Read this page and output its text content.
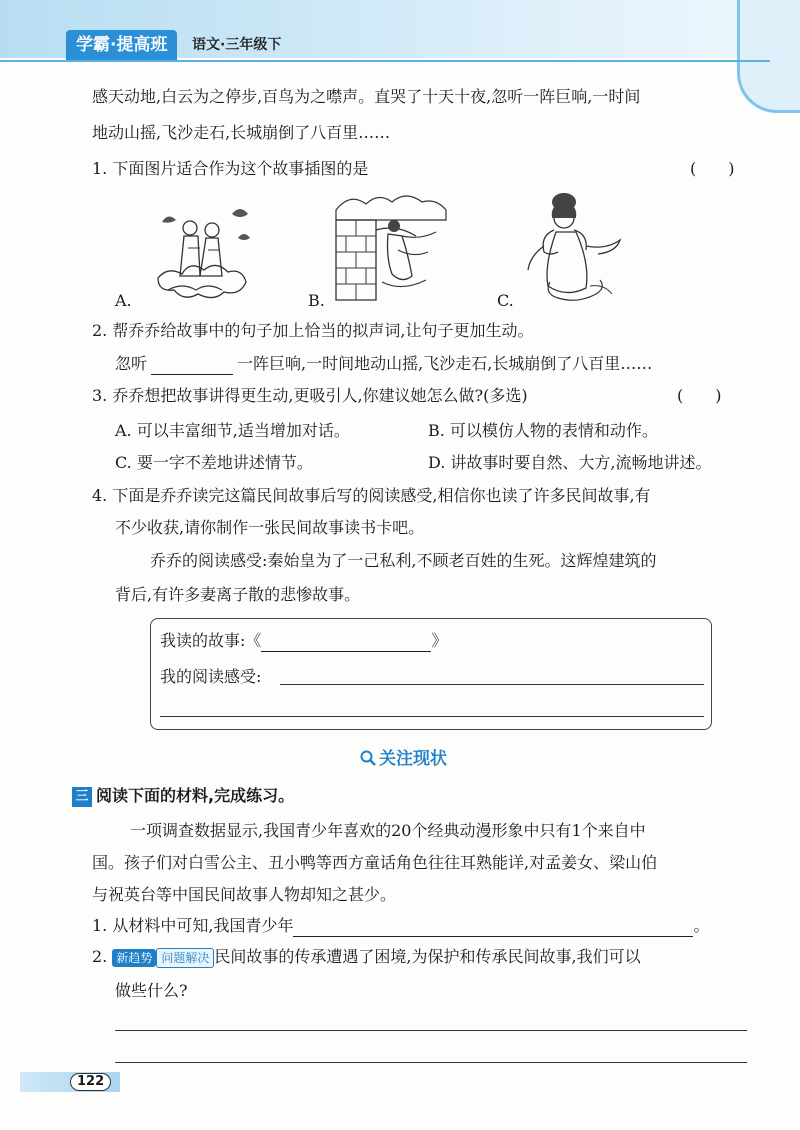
学霸·提高班	语文·三年级下
感天动地,白云为之停步,百鸟为之噤声。直哭了十天十夜,忽听一阵巨响,一时间
地动山摇,飞沙走石,长城崩倒了八百里……
1. 下面图片适合作为这个故事插图的是	(　　)
A.	B.	C.
2. 帮乔乔给故事中的句子加上恰当的拟声词,让句子更加生动。
忽听	一阵巨响,一时间地动山摇,飞沙走石,长城崩倒了八百里……
3. 乔乔想把故事讲得更生动,更吸引人,你建议她怎么做?(多选)	(　　)
A. 可以丰富细节,适当增加对话。	B. 可以模仿人物的表情和动作。
C. 要一字不差地讲述情节。	D. 讲故事时要自然、大方,流畅地讲述。
4. 下面是乔乔读完这篇民间故事后写的阅读感受,相信你也读了许多民间故事,有
不少收获,请你制作一张民间故事读书卡吧。
乔乔的阅读感受:秦始皇为了一己私利,不顾老百姓的生死。这辉煌建筑的
背后,有许多妻离子散的悲惨故事。
我读的故事:《	》
我的阅读感受:
关注现状
三 阅读下面的材料,完成练习。
一项调查数据显示,我国青少年喜欢的20个经典动漫形象中只有1个来自中
国。孩子们对白雪公主、丑小鸭等西方童话角色往往耳熟能详,对孟姜女、梁山伯
与祝英台等中国民间故事人物却知之甚少。
1. 从材料中可知,我国青少年	。
2. 新趋势 问题解决 民间故事的传承遭遇了困境,为保护和传承民间故事,我们可以
做些什么?
122
